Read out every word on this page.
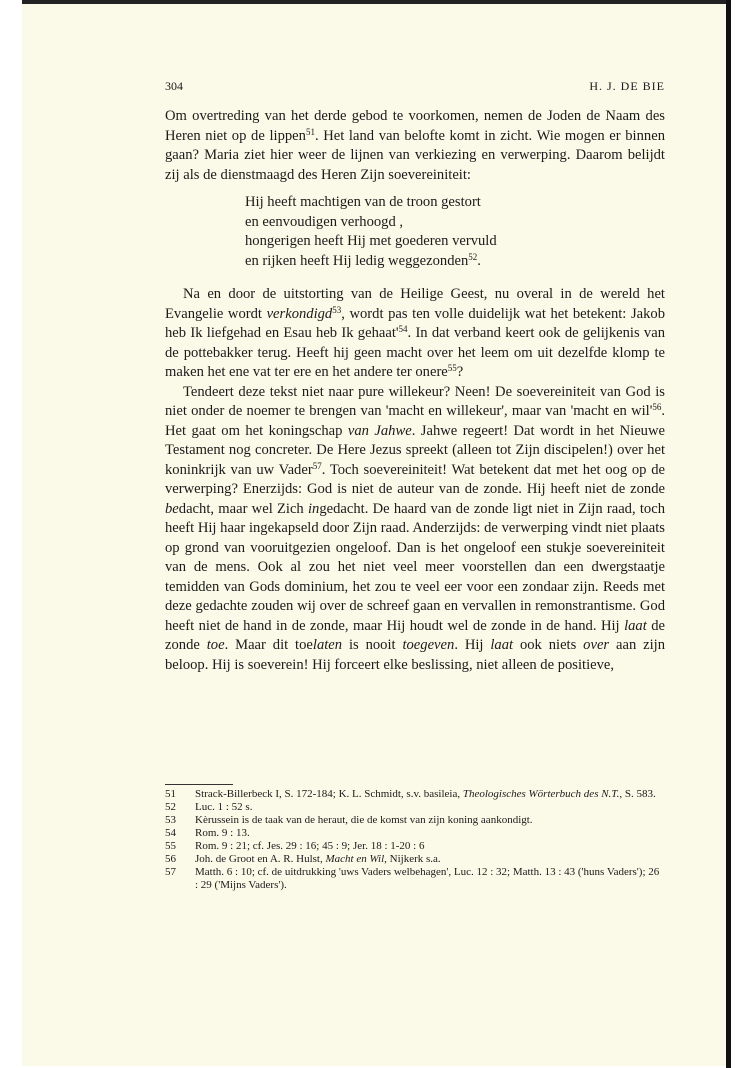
304	H. J. DE BIE

Om overtreding van het derde gebod te voorkomen, nemen de Joden de Naam des Heren niet op de lippen$^{51}$. Het land van belofte komt in zicht. Wie mogen er binnen gaan? Maria ziet hier weer de lijnen van verkiezing en verwerping. Daarom belijdt zij als de dienstmaagd des Heren Zijn soevereiniteit:

Hij heeft machtigen van de troon gestort
en eenvoudigen verhoogd ,
hongerigen heeft Hij met goederen vervuld
en rijken heeft Hij ledig weggezonden$^{52}$.

Na en door de uitstorting van de Heilige Geest, nu overal in de wereld het Evangelie wordt verkondigd$^{53}$, wordt pas ten volle duidelijk wat het betekent: Jakob heb Ik liefgehad en Esau heb Ik $gehaat'^{54}$. In dat verband keert ook de gelijkenis van de pottebakker terug. Heeft hij geen macht over het leem om uit dezelfde klomp te maken het ene vat ter ere en het andere ter onere$^{55}$?

Tendeert deze tekst niet naar pure willekeur? Neen! De soevereiniteit van God is niet onder de noemer te brengen van 'macht en willekeur', maar van 'macht en $wil'^{56}$. Het gaat om het koningschap van Jahwe. Jahwe regeert! Dat wordt in het Nieuwe Testament nog concreter. De Here Jezus spreekt (alleen tot Zijn discipelen!) over het koninkrijk van uw Vader$^{57}$. Toch soevereiniteit! Wat betekent dat met het oog op de verwerping? Enerzijds: God is niet de auteur van de zonde. Hij heeft niet de zonde bedacht, maar wel Zich ingedacht. De haard van de zonde ligt niet in Zijn raad, toch heeft Hij haar ingekapseld door Zijn raad. Anderzijds: de verwerping vindt niet plaats op grond van vooruitgezien ongeloof. Dan is het ongeloof een stukje soevereiniteit van de mens. Ook al zou het niet veel meer voorstellen dan een dwergstaatje temidden van Gods dominium, het zou te veel eer voor een zondaar zijn. Reeds met deze gedachte zouden wij over de schreef gaan en vervallen in remonstrantisme. God heeft niet de hand in de zonde, maar Hij houdt wel de zonde in de hand. Hij laat de zonde toe. Maar dit toelaten is nooit toegeven. Hij laat ook niets over aan zijn beloop. Hij is soeverein! Hij forceert elke beslissing, niet alleen de positieve,

51	Strack-Billerbeck I, S. 172-184; K. L. Schmidt, s.v. basileia, Theologisches Wörterbuch des N.T., S. 583.
52	Luc. 1 : 52 s.
53	Kèrussein is de taak van de heraut, die de komst van zijn koning aankondigt.
54	Rom. 9 : 13.
55	Rom. 9 : 21; cf. Jes. 29 : 16; 45 : 9; Jer. 18 : 1-20 : 6
56	Joh. de Groot en A. R. Hulst, Macht en Wil, Nijkerk s.a.
57	Matth. 6 : 10; cf. de uitdrukking 'uws Vaders welbehagen', Luc. 12 : 32; Matth. 13 : 43 ('huns Vaders'); 26 : 29 ('Mijns Vaders').
